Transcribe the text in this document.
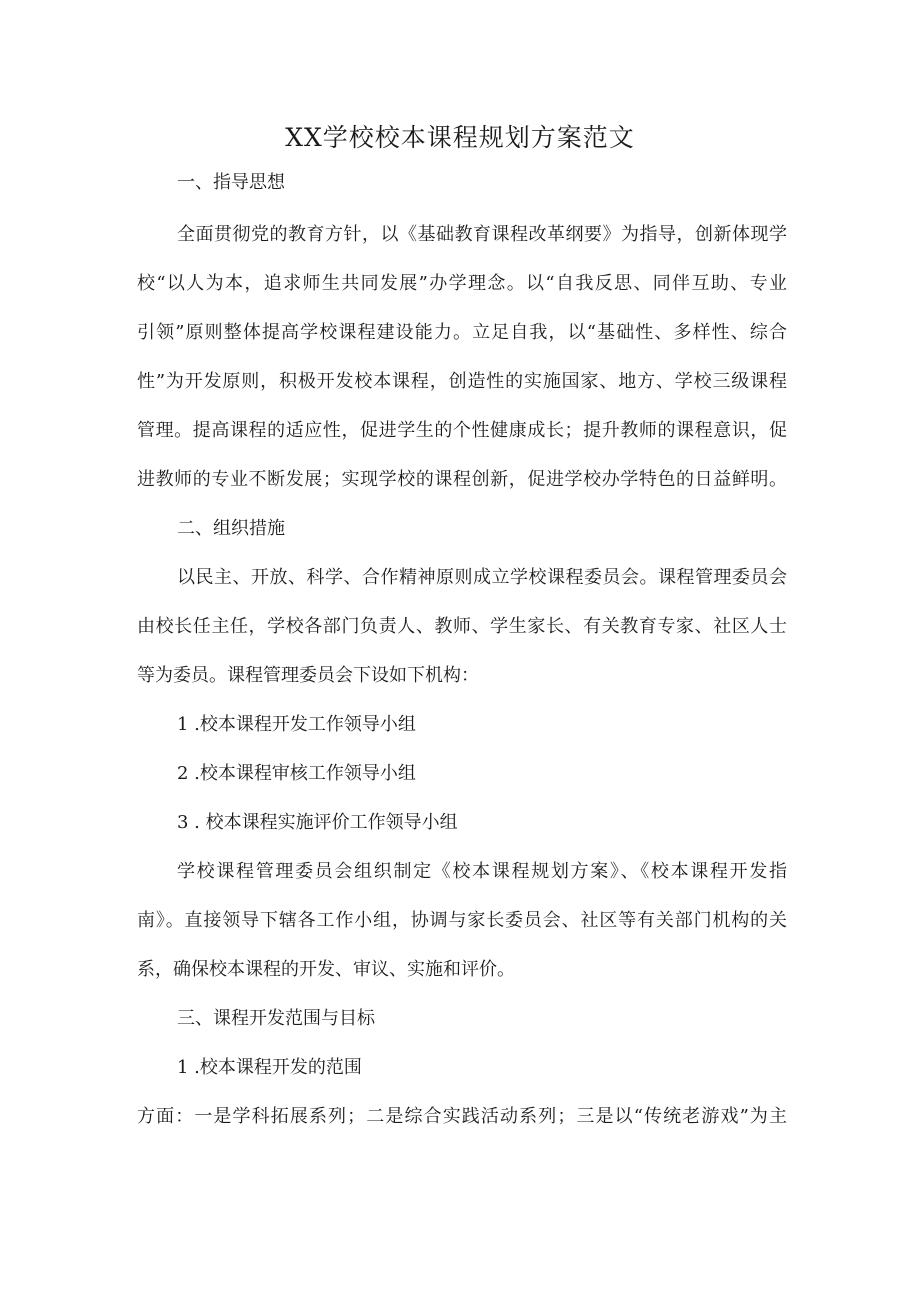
XX学校校本课程规划方案范文
一、指导思想
全面贯彻党的教育方针，以《基础教育课程改革纲要》为指导，创新体现学
校“以人为本，追求师生共同发展”办学理念。以“自我反思、同伴互助、专业
引领”原则整体提高学校课程建设能力。立足自我，以“基础性、多样性、综合
性”为开发原则，积极开发校本课程，创造性的实施国家、地方、学校三级课程
管理。提高课程的适应性，促进学生的个性健康成长；提升教师的课程意识，促
进教师的专业不断发展；实现学校的课程创新，促进学校办学特色的日益鲜明。
二、组织措施
以民主、开放、科学、合作精神原则成立学校课程委员会。课程管理委员会
由校长任主任，学校各部门负责人、教师、学生家长、有关教育专家、社区人士
等为委员。课程管理委员会下设如下机构：
1 .校本课程开发工作领导小组
2 .校本课程审核工作领导小组
3 . 校本课程实施评价工作领导小组
学校课程管理委员会组织制定《校本课程规划方案》、《校本课程开发指
南》。直接领导下辖各工作小组，协调与家长委员会、社区等有关部门机构的关
系，确保校本课程的开发、审议、实施和评价。
三、课程开发范围与目标
1 .校本课程开发的范围
方面：一是学科拓展系列；二是综合实践活动系列；三是以“传统老游戏”为主
